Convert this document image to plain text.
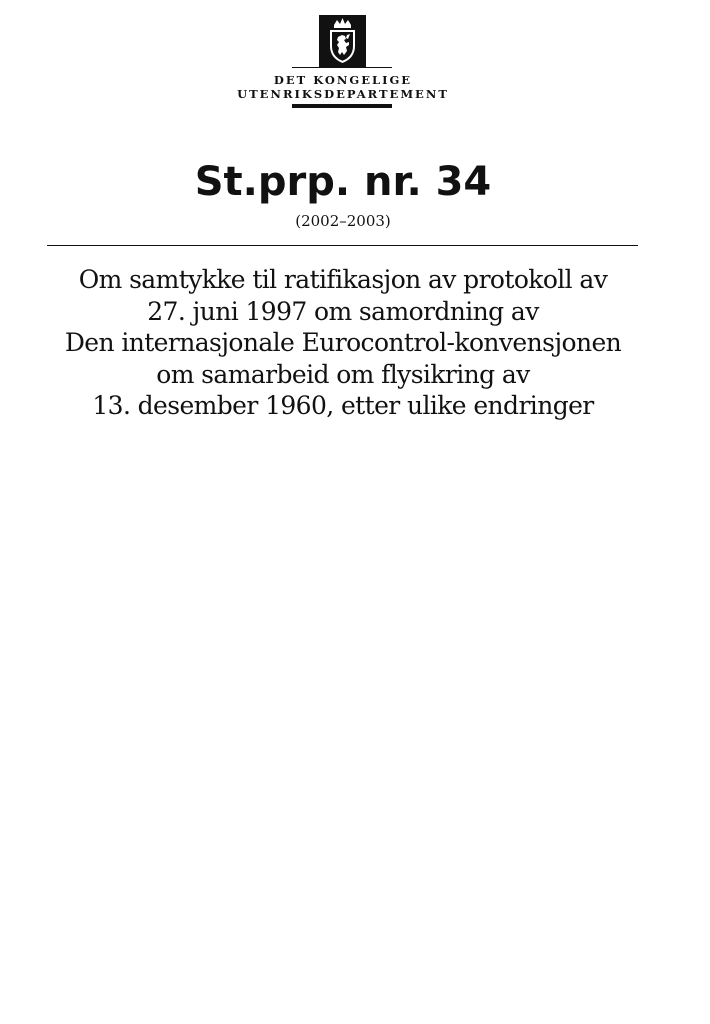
DET KONGELIGE
UTENRIKSDEPARTEMENT
St.prp. nr. 34
(2002–2003)
Om samtykke til ratifikasjon av protokoll av
27. juni 1997 om samordning av
Den internasjonale Eurocontrol-konvensjonen
om samarbeid om flysikring av
13. desember 1960, etter ulike endringer
